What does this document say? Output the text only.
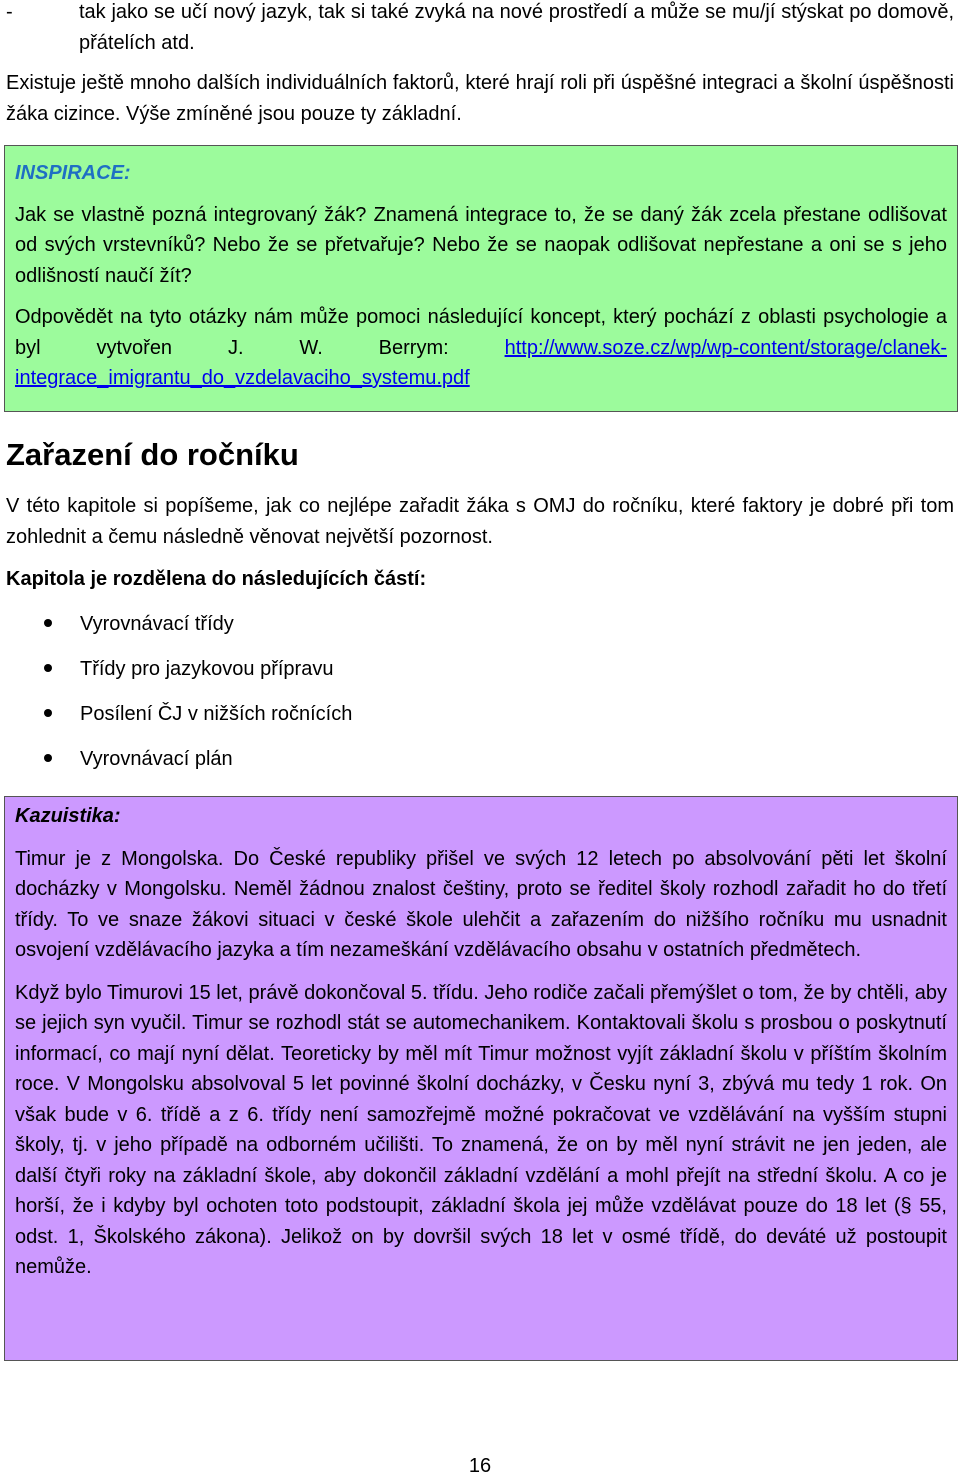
-	tak jako se učí nový jazyk, tak si také zvyká na nové prostředí a může se mu/jí stýskat po domově, přátelích atd.

Existuje ještě mnoho dalších individuálních faktorů, které hrají roli při úspěšné integraci a školní úspěšnosti žáka cizince. Výše zmíněné jsou pouze ty základní.

INSPIRACE:

Jak se vlastně pozná integrovaný žák? Znamená integrace to, že se daný žák zcela přestane odlišovat od svých vrstevníků? Nebo že se přetvařuje? Nebo že se naopak odlišovat nepřestane a oni se s jeho odlišností naučí žít?

Odpovědět na tyto otázky nám může pomoci následující koncept, který pochází z oblasti psychologie a byl vytvořen J. W. Berrym: http://www.soze.cz/wp/wp-content/storage/clanek-integrace_imigrantu_do_vzdelavaciho_systemu.pdf

Zařazení do ročníku

V této kapitole si popíšeme, jak co nejlépe zařadit žáka s OMJ do ročníku, které faktory je dobré při tom zohlednit a čemu následně věnovat největší pozornost.

Kapitola je rozdělena do následujících částí:
Vyrovnávací třídy
Třídy pro jazykovou přípravu
Posílení ČJ v nižších ročnících
Vyrovnávací plán
Kazuistika:

Timur je z Mongolska. Do České republiky přišel ve svých 12 letech po absolvování pěti let školní docházky v Mongolsku. Neměl žádnou znalost češtiny, proto se ředitel školy rozhodl zařadit ho do třetí třídy. To ve snaze žákovi situaci v české škole ulehčit a zařazením do nižšího ročníku mu usnadnit osvojení vzdělávacího jazyka a tím nezameškání vzdělávacího obsahu v ostatních předmětech.

Když bylo Timurovi 15 let, právě dokončoval 5. třídu. Jeho rodiče začali přemýšlet o tom, že by chtěli, aby se jejich syn vyučil. Timur se rozhodl stát se automechanikem. Kontaktovali školu s prosbou o poskytnutí informací, co mají nyní dělat. Teoreticky by měl mít Timur možnost vyjít základní školu v příštím školním roce. V Mongolsku absolvoval 5 let povinné školní docházky, v Česku nyní 3, zbývá mu tedy 1 rok. On však bude v 6. třídě a z 6. třídy není samozřejmě možné pokračovat ve vzdělávání na vyšším stupni školy, tj. v jeho případě na odborném učilišti. To znamená, že on by měl nyní strávit ne jen jeden, ale další čtyři roky na základní škole, aby dokončil základní vzdělání a mohl přejít na střední školu. A co je horší, že i kdyby byl ochoten toto podstoupit, základní škola jej může vzdělávat pouze do 18 let (§ 55, odst. 1, Školského zákona). Jelikož on by dovršil svých 18 let v osmé třídě, do deváté už postoupit nemůže.

16
